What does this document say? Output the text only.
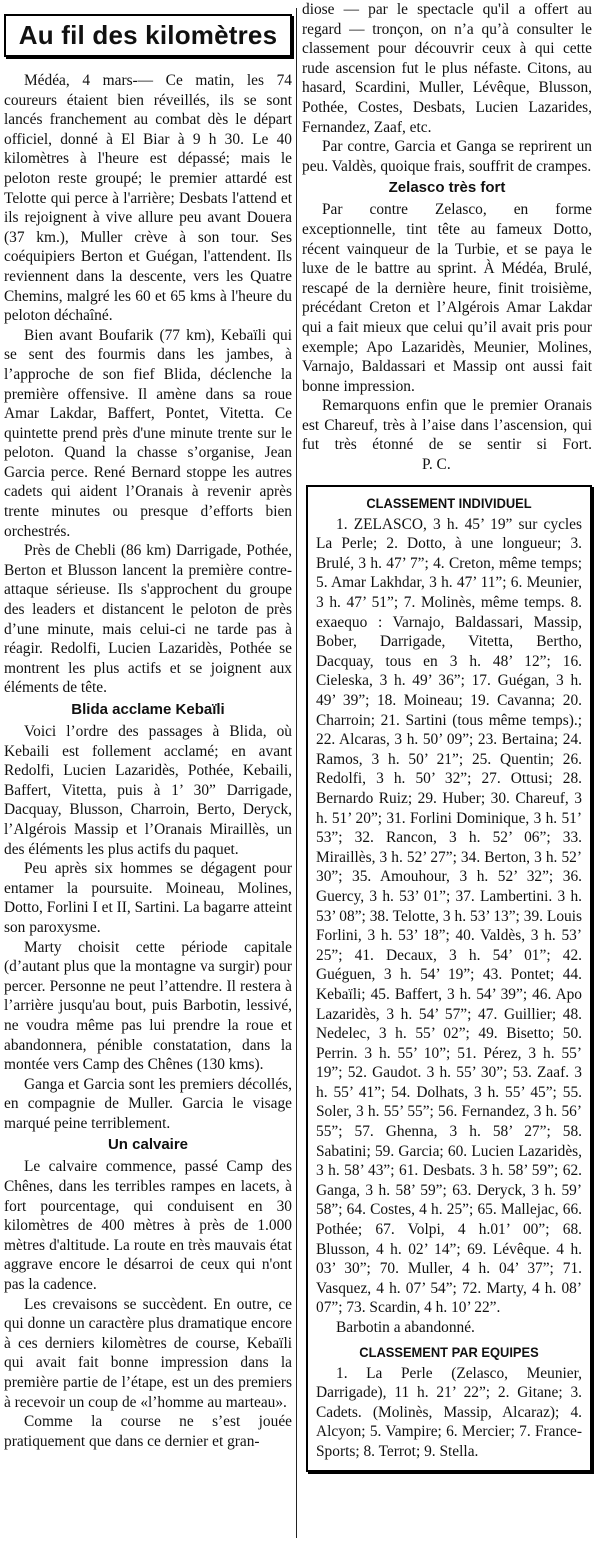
Au fil des kilomètres

Médéa, 4 mars-— Ce matin, les 74 coureurs étaient bien réveillés, ils se sont lancés franchement au combat dès le départ officiel, donné à El Biar à 9 h 30. Le 40 kilomètres à l'heure est dépassé; mais le peloton reste groupé; le premier attardé est Telotte qui perce à l'arrière; Desbats l'attend et ils rejoignent à vive allure peu avant Douera (37 km.), Muller crève à son tour. Ses coéquipiers Berton et Guégan, l'attendent. Ils reviennent dans la descente, vers les Quatre Chemins, malgré les 60 et 65 kms à l'heure du peloton déchaîné.

Bien avant Boufarik (77 km), Kebaïli qui se sent des fourmis dans les jambes, à l’approche de son fief Blida, déclenche la première offensive. Il amène dans sa roue Amar Lakdar, Baffert, Pontet, Vitetta. Ce quintette prend près d'une minute trente sur le peloton. Quand la chasse s’organise, Jean Garcia perce. René Bernard stoppe les autres cadets qui aident l’Oranais à revenir après trente minutes ou presque d’efforts bien orchestrés.

Près de Chebli (86 km) Darrigade, Pothée, Berton et Blusson lancent la première contre-attaque sérieuse. Ils s'approchent du groupe des leaders et distancent le peloton de près d’une minute, mais celui-ci ne tarde pas à réagir. Redolfi, Lucien Lazaridès, Pothée se montrent les plus actifs et se joignent aux éléments de tête.

Blida acclame Kebaïli

Voici l’ordre des passages à Blida, où Kebaili est follement acclamé; en avant Redolfi, Lucien Lazaridès, Pothée, Kebaili, Baffert, Vitetta, puis à 1’ 30” Darrigade, Dacquay, Blusson, Charroin, Berto, Deryck, l’Algérois Massip et l’Oranais Miraillès, un des éléments les plus actifs du paquet.

Peu après six hommes se dégagent pour entamer la poursuite. Moineau, Molines, Dotto, Forlini I et II, Sartini. La bagarre atteint son paroxysme.

Marty choisit cette période capitale (d’autant plus que la montagne va surgir) pour percer. Personne ne peut l’attendre. Il restera à l’arrière jusqu'au bout, puis Barbotin, lessivé, ne voudra même pas lui prendre la roue et abandonnera, pénible constatation, dans la montée vers Camp des Chênes (130 kms).

Ganga et Garcia sont les premiers décollés, en compagnie de Muller. Garcia le visage marqué peine terriblement.

Un calvaire

Le calvaire commence, passé Camp des Chênes, dans les terribles rampes en lacets, à fort pourcentage, qui conduisent en 30 kilomètres de 400 mètres à près de 1.000 mètres d'altitude. La route en très mauvais état aggrave encore le désarroi de ceux qui n'ont pas la cadence.

Les crevaisons se succèdent. En outre, ce qui donne un caractère plus dramatique encore à ces derniers kilomètres de course, Kebaïli qui avait fait bonne impression dans la première partie de l’étape, est un des premiers à recevoir un coup de «l’homme au marteau».

Comme la course ne s’est jouée pratiquement que dans ce dernier et gran-

diose — par le spectacle qu'il a offert au regard — tronçon, on n’a qu’à consulter le classement pour découvrir ceux à qui cette rude ascension fut le plus néfaste. Citons, au hasard, Scardini, Muller, Lévêque, Blusson, Pothée, Costes, Desbats, Lucien Lazarides, Fernandez, Zaaf, etc.

Par contre, Garcia et Ganga se reprirent un peu. Valdès, quoique frais, souffrit de crampes.

Zelasco très fort

Par contre Zelasco, en forme exceptionnelle, tint tête au fameux Dotto, récent vainqueur de la Turbie, et se paya le luxe de le battre au sprint. À Médéa, Brulé, rescapé de la dernière heure, finit troisième, précédant Creton et l’Algérois Amar Lakdar qui a fait mieux que celui qu’il avait pris pour exemple; Apo Lazaridès, Meunier, Molines, Varnajo, Baldassari et Massip ont aussi fait bonne impression.

Remarquons enfin que le premier Oranais est Chareuf, très à l’aise dans l’ascension, qui fut très étonné de se sentir si Fort. P. C.

CLASSEMENT INDIVIDUEL

1. ZELASCO, 3 h. 45’ 19” sur cycles La Perle; 2. Dotto, à une longueur; 3. Brulé, 3 h. 47’ 7”; 4. Creton, même temps; 5. Amar Lakhdar, 3 h. 47’ 11”; 6. Meunier, 3 h. 47’ 51”; 7. Molinès, même temps. 8. exaequo : Varnajo, Baldassari, Massip, Bober, Darrigade, Vitetta, Bertho, Dacquay, tous en 3 h. 48’ 12”; 16. Cieleska, 3 h. 49’ 36”; 17. Guégan, 3 h. 49’ 39”; 18. Moineau; 19. Cavanna; 20. Charroin; 21. Sartini (tous même temps).; 22. Alcaras, 3 h. 50’ 09”; 23. Bertaina; 24. Ramos, 3 h. 50’ 21”; 25. Quentin; 26. Redolfi, 3 h. 50’ 32”; 27. Ottusi; 28. Bernardo Ruiz; 29. Huber; 30. Chareuf, 3 h. 51’ 20”; 31. Forlini Dominique, 3 h. 51’ 53”; 32. Rancon, 3 h. 52’ 06”; 33. Miraillès, 3 h. 52’ 27”; 34. Berton, 3 h. 52’ 30”; 35. Amouhour, 3 h. 52’ 32”; 36. Guercy, 3 h. 53’ 01”; 37. Lambertini. 3 h. 53’ 08”; 38. Telotte, 3 h. 53’ 13”; 39. Louis Forlini, 3 h. 53’ 18”; 40. Valdès, 3 h. 53’ 25”; 41. Decaux, 3 h. 54’ 01”; 42. Guéguen, 3 h. 54’ 19”; 43. Pontet; 44. Kebaïli; 45. Baffert, 3 h. 54’ 39”; 46. Apo Lazaridès, 3 h. 54’ 57”; 47. Guillier; 48. Nedelec, 3 h. 55’ 02”; 49. Bisetto; 50. Perrin. 3 h. 55’ 10”; 51. Pérez, 3 h. 55’ 19”; 52. Gaudot. 3 h. 55’ 30”; 53. Zaaf. 3 h. 55’ 41”; 54. Dolhats, 3 h. 55’ 45”; 55. Soler, 3 h. 55’ 55”; 56. Fernandez, 3 h. 56’ 55”; 57. Ghenna, 3 h. 58’ 27”; 58. Sabatini; 59. Garcia; 60. Lucien Lazaridès, 3 h. 58’ 43”; 61. Desbats. 3 h. 58’ 59”; 62. Ganga, 3 h. 58’ 59”; 63. Deryck, 3 h. 59’ 58”; 64. Costes, 4 h. 25”; 65. Mallejac, 66. Pothée; 67. Volpi, 4 h.01’ 00”; 68. Blusson, 4 h. 02’ 14”; 69. Lévêque. 4 h. 03’ 30”; 70. Muller, 4 h. 04’ 37”; 71. Vasquez, 4 h. 07’ 54”; 72. Marty, 4 h. 08’ 07”; 73. Scardin, 4 h. 10’ 22”.

Barbotin a abandonné.

CLASSEMENT PAR EQUIPES

1. La Perle (Zelasco, Meunier, Darrigade), 11 h. 21’ 22”; 2. Gitane; 3. Cadets. (Molinès, Massip, Alcaraz); 4. Alcyon; 5. Vampire; 6. Mercier; 7. France-Sports; 8. Terrot; 9. Stella.
